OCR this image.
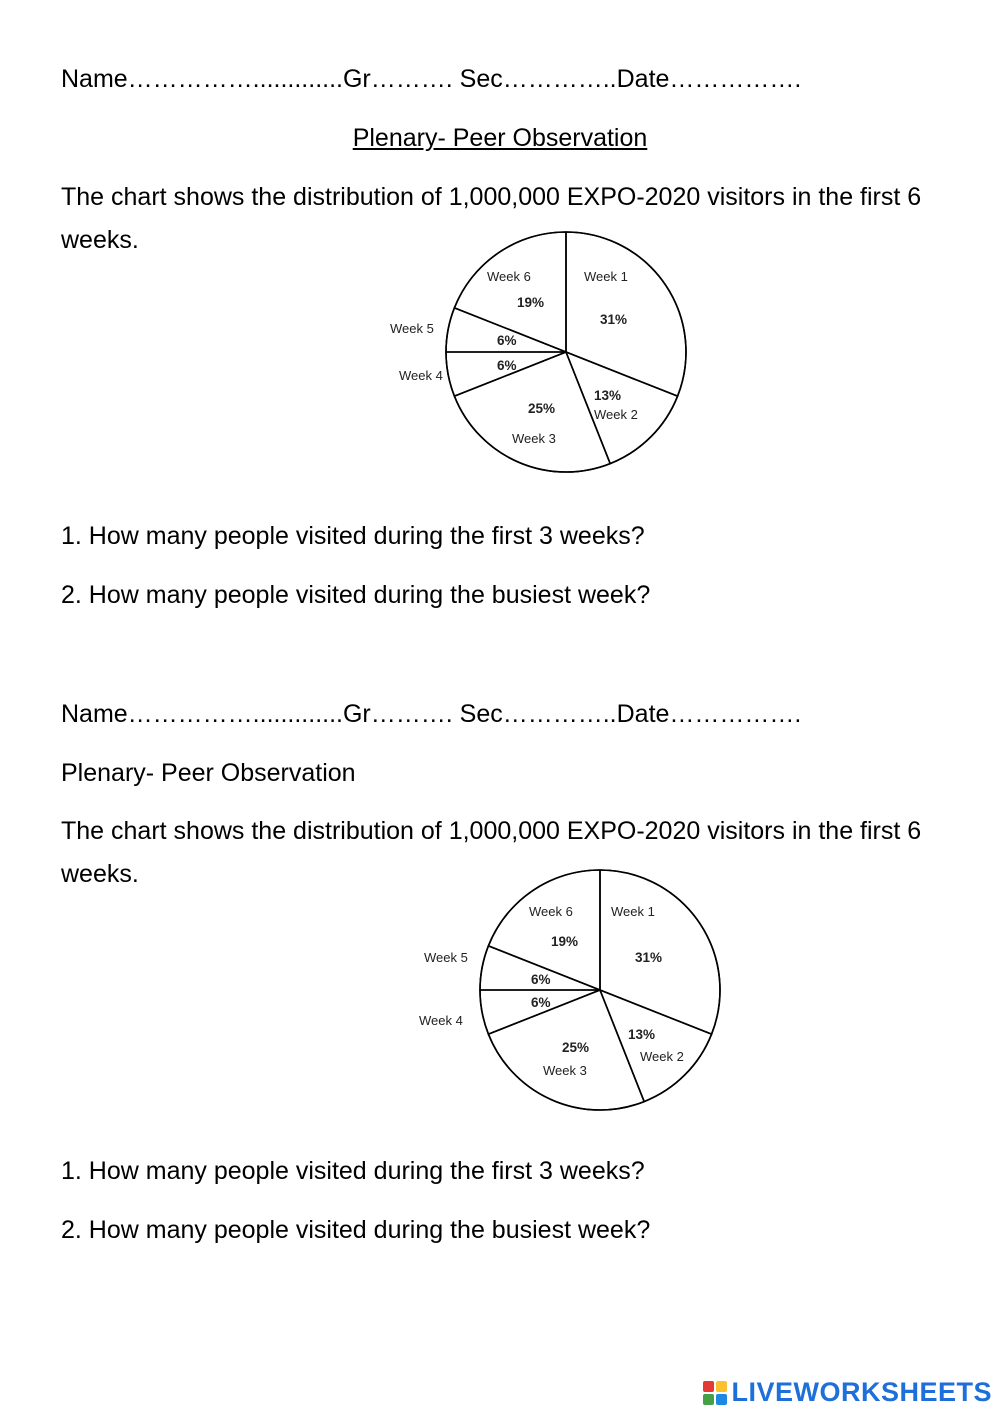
Name…………….............Gr………. Sec…………..Date…………….
Plenary- Peer Observation
The chart shows the distribution of 1,000,000 EXPO-2020 visitors in the first 6 weeks.
Week 1
31%
13%
Week 2
25%
Week 3
6%
Week 4
6%
Week 5
Week 6
19%
1. How many people visited during the first 3 weeks?
2. How many people visited during the busiest week?
Name…………….............Gr………. Sec…………..Date…………….
Plenary- Peer Observation
The chart shows the distribution of 1,000,000 EXPO-2020 visitors in the first 6 weeks.
Week 1
31%
13%
Week 2
25%
Week 3
6%
Week 4
6%
Week 5
Week 6
19%
1. How many people visited during the first 3 weeks?
2. How many people visited during the busiest week?
LIVEWORKSHEETS
